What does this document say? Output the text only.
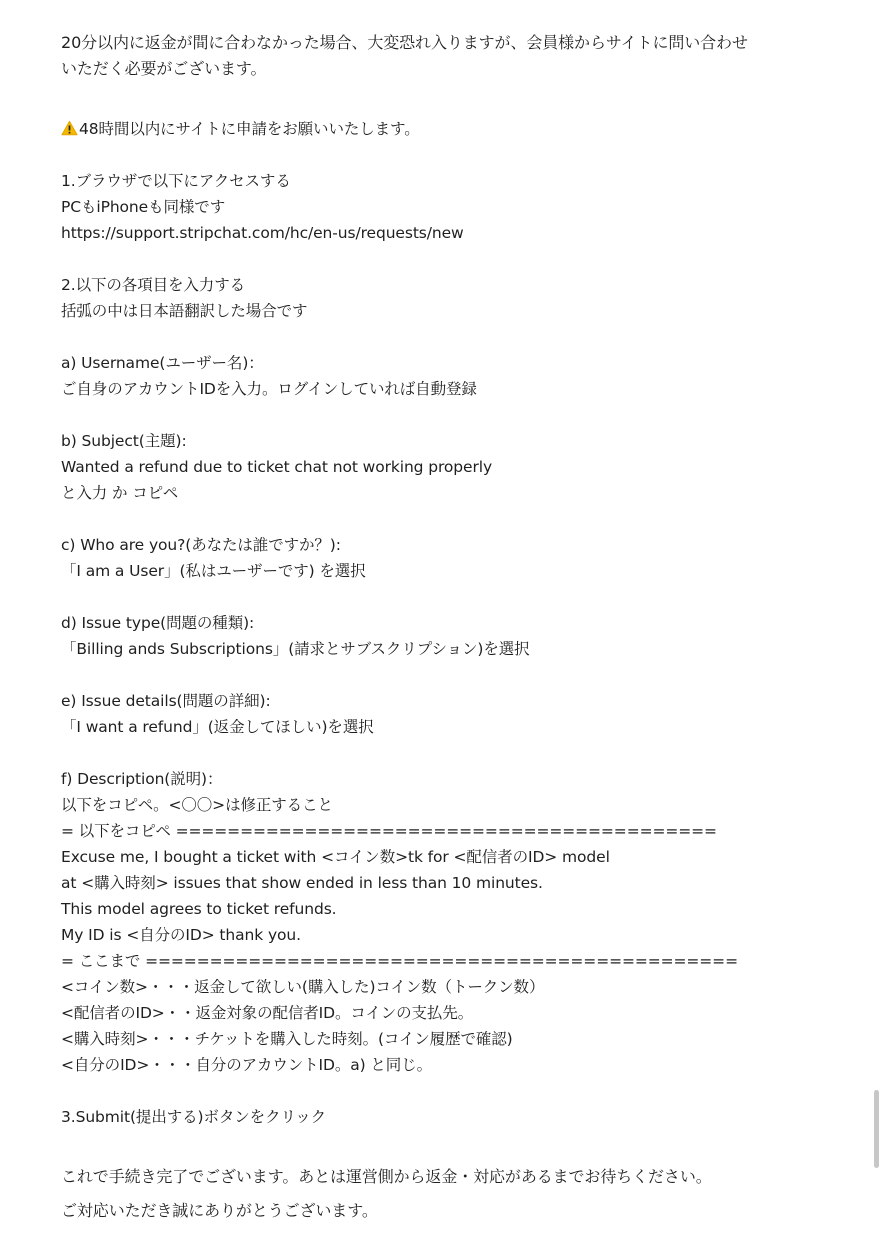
20分以内に返金が間に合わなかった場合、大変恐れ入りますが、会員様からサイトに問い合わせ
いただく必要がございます。
48時間以内にサイトに申請をお願いいたします。
1.ブラウザで以下にアクセスする
PCもiPhoneも同様です
https://support.stripchat.com/hc/en-us/requests/new
2.以下の各項目を入力する
括弧の中は日本語翻訳した場合です
a) Username(ユーザー名)：
ご自身のアカウントIDを入力。ログインしていれば自動登録
b) Subject(主題):
Wanted a refund due to ticket chat not working properly
と入力 か コピペ
c) Who are you?(あなたは誰ですか？):
「I am a User」(私はユーザーです) を選択
d) Issue type(問題の種類):
「Billing ands Subscriptions」(請求とサブスクリプション)を選択
e) Issue details(問題の詳細):
「I want a refund」(返金してほしい)を選択
f) Description(説明)：
以下をコピペ。<〇〇>は修正すること
= 以下をコピペ ==========================================
Excuse me, I bought a ticket with <コイン数>tk for <配信者のID> model
at <購入時刻> issues that show ended in less than 10 minutes.
This model agrees to ticket refunds.
My ID is <自分のID> thank you.
= ここまで ==============================================
<コイン数>・・・返金して欲しい(購入した)コイン数（トークン数）
<配信者のID>・・返金対象の配信者ID。コインの支払先。
<購入時刻>・・・チケットを購入した時刻。(コイン履歴で確認)
<自分のID>・・・自分のアカウントID。a) と同じ。
3.Submit(提出する)ボタンをクリック
これで手続き完了でございます。あとは運営側から返金・対応があるまでお待ちください。
ご対応いただき誠にありがとうございます。
